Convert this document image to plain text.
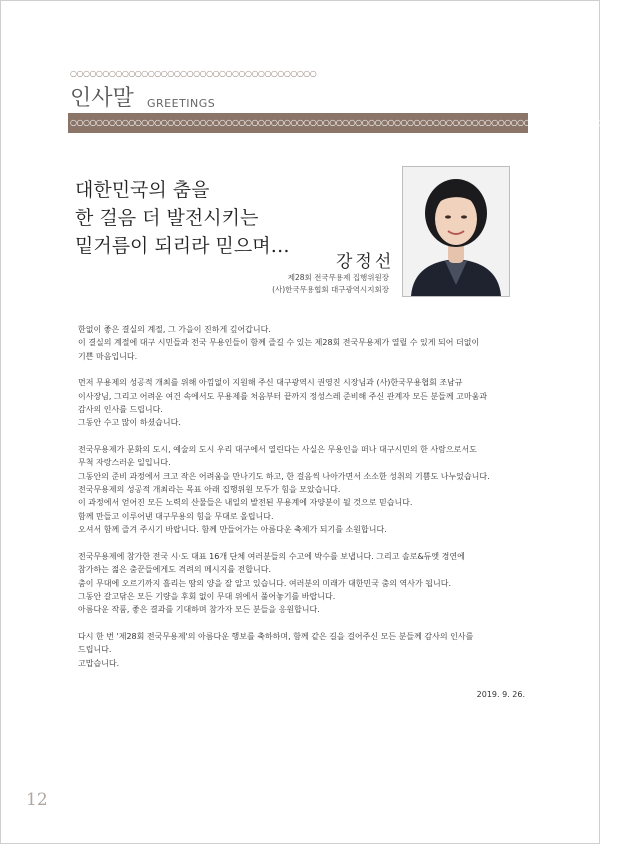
○○○○○○○○○○○○○○○○○○○○○○○○○○○○○○○○○○○○○○
인사말 GREETINGS
○○○○○○○○○○○○○○○○○○○○○○○○○○○○○○○○○○○○○○○○○○○○○○○○○○○○○○○○○○○○○○○○○○○○○○○○○○○○○○○○○○○○○
대한민국의 춤을
한 걸음 더 발전시키는
밑거름이 되리라 믿으며…
강정선
제28회 전국무용제 집행위원장
(사)한국무용협회 대구광역시지회장

한없이 좋은 결실의 계절, 그 가을이 진하게 깊어갑니다.
이 결실의 계절에 대구 시민들과 전국 무용인들이 함께 즐길 수 있는 제28회 전국무용제가 열릴 수 있게 되어 더없이
기쁜 마음입니다.

먼저 무용제의 성공적 개최를 위해 아낌없이 지원해 주신 대구광역시 권영진 시장님과 (사)한국무용협회 조남규
이사장님, 그리고 어려운 여건 속에서도 무용제를 처음부터 끝까지 정성스레 준비해 주신 관계자 모든 분들께 고마움과
감사의 인사를 드립니다.
그동안 수고 많이 하셨습니다.

전국무용제가 문화의 도시, 예술의 도시 우리 대구에서 열린다는 사실은 무용인을 떠나 대구시민의 한 사람으로서도
무척 자랑스러운 일입니다.
그동안의 준비 과정에서 크고 작은 어려움을 만나기도 하고, 한 걸음씩 나아가면서 소소한 성취의 기쁨도 나누었습니다.
전국무용제의 성공적 개최라는 목표 아래 집행위원 모두가 힘을 모았습니다.
이 과정에서 얻어진 모든 노력의 산물들은 내일의 발전된 무용계에 자양분이 될 것으로 믿습니다.
함께 만들고 이루어낸 대구무용의 힘을 무대로 올립니다.
오셔서 함께 즐겨 주시기 바랍니다. 함께 만들어가는 아름다운 축제가 되기를 소원합니다.

전국무용제에 참가한 전국 시·도 대표 16개 단체 여러분들의 수고에 박수를 보냅니다. 그리고 솔로&듀엣 경연에
참가하는 젊은 춤꾼들에게도 격려의 메시지를 전합니다.
춤이 무대에 오르기까지 흘리는 땀의 양을 잘 알고 있습니다. 여러분의 미래가 대한민국 춤의 역사가 됩니다.
그동안 갈고닦은 모든 기량을 후회 없이 무대 위에서 풀어놓기를 바랍니다.
아름다운 작품, 좋은 결과를 기대하며 참가자 모든 분들을 응원합니다.

다시 한 번 '제28회 전국무용제'의 아름다운 행보를 축하하며, 함께 같은 길을 걸어주신 모든 분들께 감사의 인사를
드립니다.
고맙습니다.

2019. 9. 26.
12
